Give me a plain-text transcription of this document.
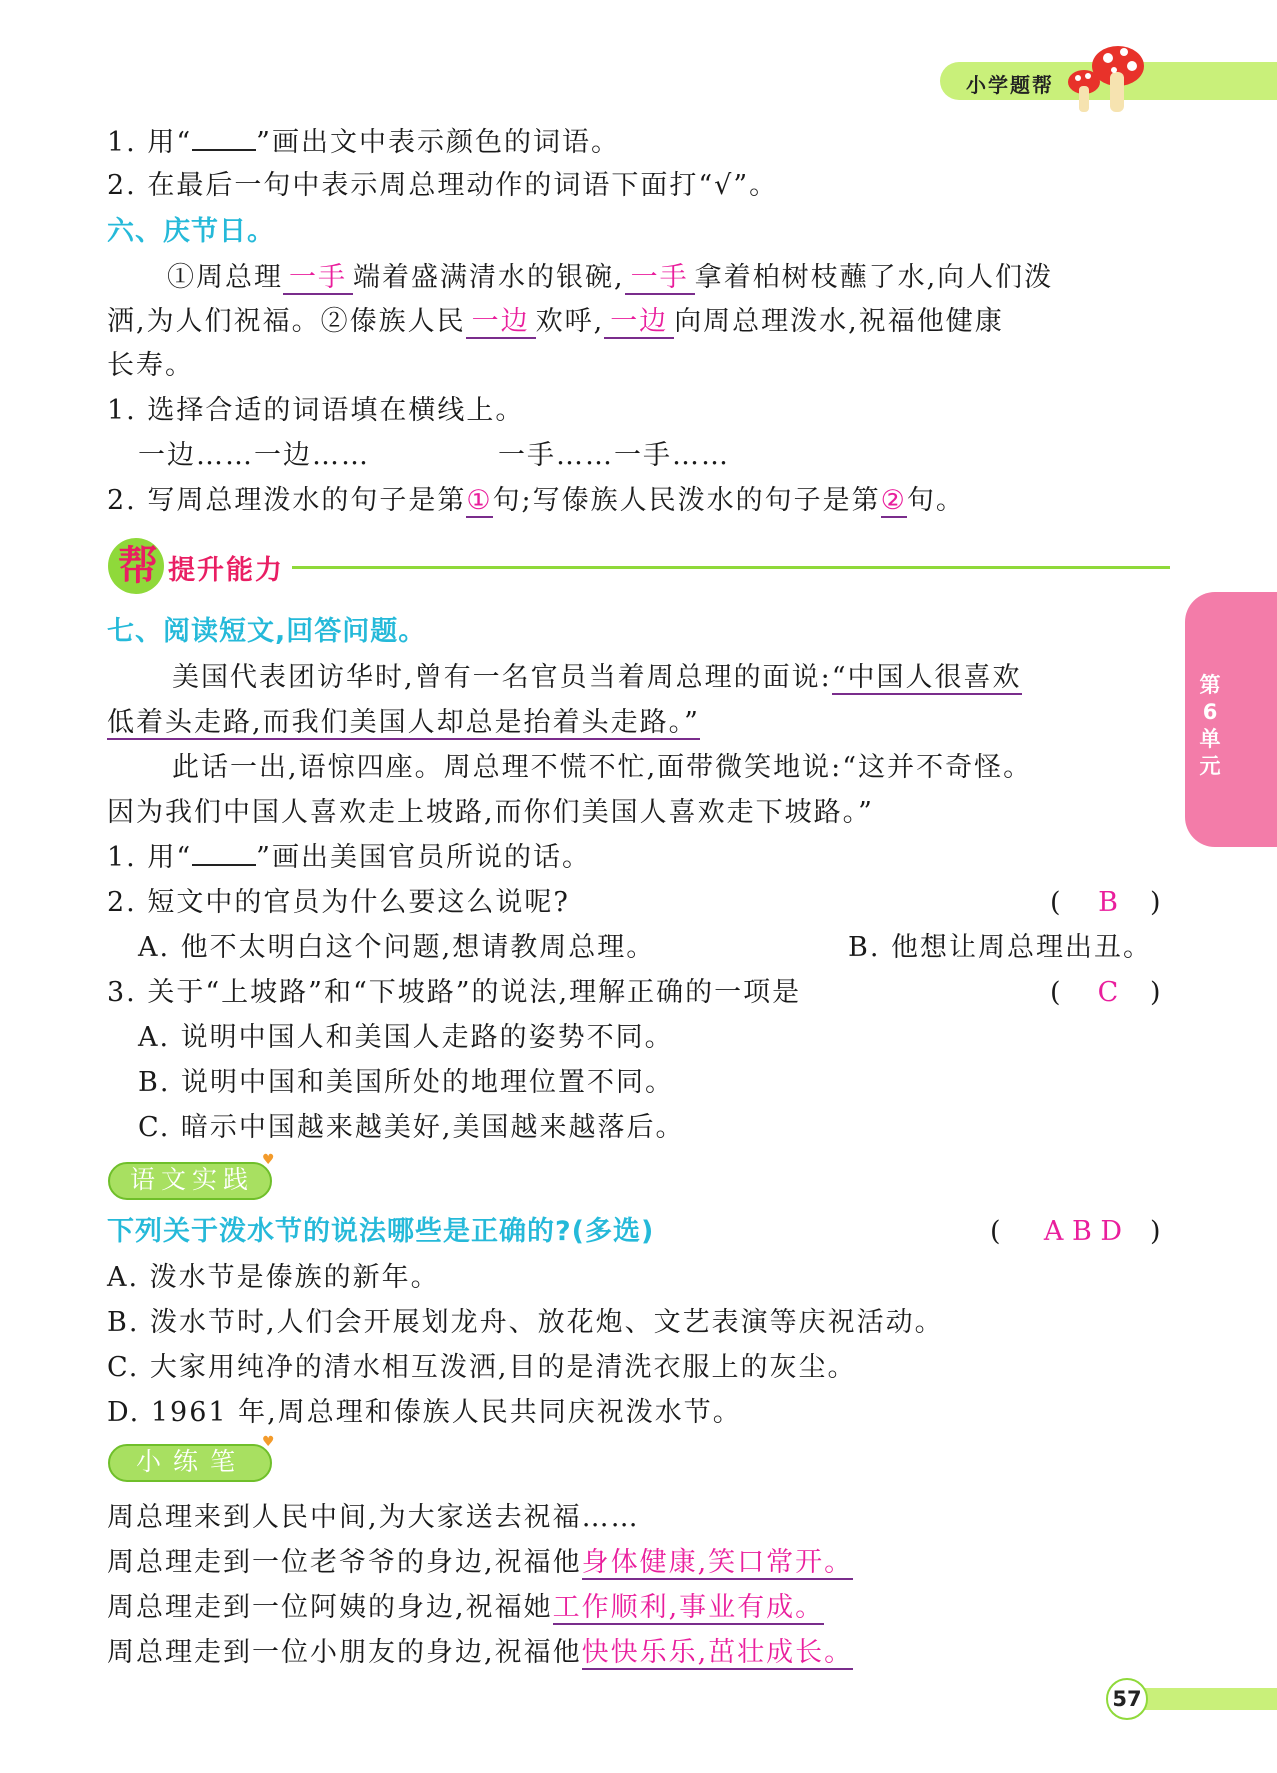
小学题帮
第6单元
1. 用“ ”画出文中表示颜色的词语。
2. 在最后一句中表示周总理动作的词语下面打“√”。
六、庆节日。
①周总理 一手 端着盛满清水的银碗, 一手 拿着柏树枝蘸了水,向人们泼
洒,为人们祝福。②傣族人民 一边 欢呼, 一边 向周总理泼水,祝福他健康
长寿。
1. 选择合适的词语填在横线上。
一边……一边……	一手……一手……
2. 写周总理泼水的句子是第①句;写傣族人民泼水的句子是第②句。
帮 提升能力
七、阅读短文,回答问题。
美国代表团访华时,曾有一名官员当着周总理的面说:“中国人很喜欢
低着头走路,而我们美国人却总是抬着头走路。”
此话一出,语惊四座。周总理不慌不忙,面带微笑地说:“这并不奇怪。
因为我们中国人喜欢走上坡路,而你们美国人喜欢走下坡路。”
1. 用“ ”画出美国官员所说的话。
2. 短文中的官员为什么要这么说呢?	(	B	)
A. 他不太明白这个问题,想请教周总理。	B. 他想让周总理出丑。
3. 关于“上坡路”和“下坡路”的说法,理解正确的一项是	(	C	)
A. 说明中国人和美国人走路的姿势不同。
B. 说明中国和美国所处的地理位置不同。
C. 暗示中国越来越美好,美国越来越落后。
语文实践
♥
下列关于泼水节的说法哪些是正确的?(多选)	(	A B D	)
A. 泼水节是傣族的新年。
B. 泼水节时,人们会开展划龙舟、放花炮、文艺表演等庆祝活动。
C. 大家用纯净的清水相互泼洒,目的是清洗衣服上的灰尘。
D. 1961 年,周总理和傣族人民共同庆祝泼水节。
小练笔
♥
周总理来到人民中间,为大家送去祝福……
周总理走到一位老爷爷的身边,祝福他身体健康,笑口常开。
周总理走到一位阿姨的身边,祝福她工作顺利,事业有成。
周总理走到一位小朋友的身边,祝福他快快乐乐,茁壮成长。
57
